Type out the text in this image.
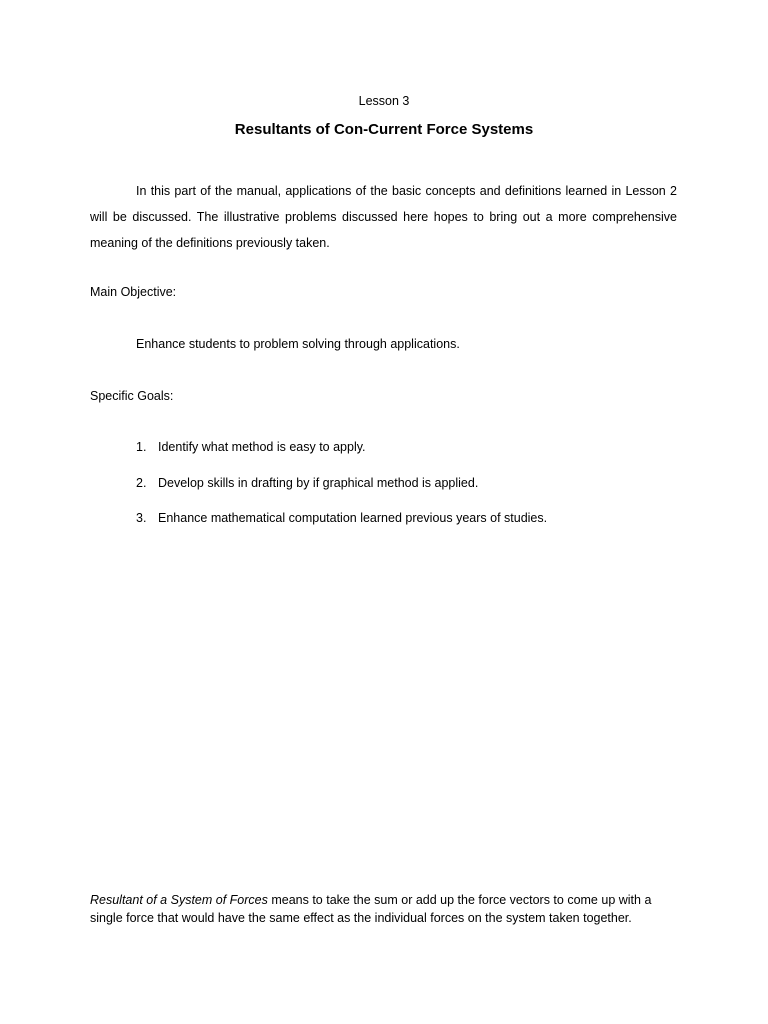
Lesson 3
Resultants of Con-Current Force Systems

In this part of the manual, applications of the basic concepts and definitions learned in Lesson 2 will be discussed. The illustrative problems discussed here hopes to bring out a more comprehensive meaning of the definitions previously taken.

Main Objective:

Enhance students to problem solving through applications.

Specific Goals:

1. Identify what method is easy to apply.
2. Develop skills in drafting by if graphical method is applied.
3. Enhance mathematical computation learned previous years of studies.

Resultant of a System of Forces means to take the sum or add up the force vectors to come up with a single force that would have the same effect as the individual forces on the system taken together.
